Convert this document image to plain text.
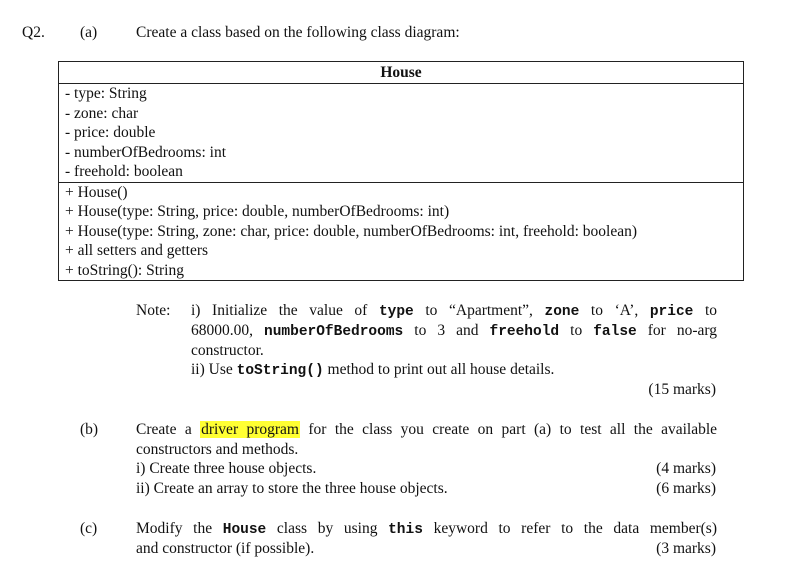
Q2. (a)	Create a class based on the following class diagram:
House
- type: String
- zone: char
- price: double
- numberOfBedrooms: int
- freehold: boolean
+ House()
+ House(type: String, price: double, numberOfBedrooms: int)
+ House(type: String, zone: char, price: double, numberOfBedrooms: int, freehold: boolean)
+ all setters and getters
+ toString(): String
Note: i) Initialize the value of type to “Apartment”, zone to ‘A’, price to
68000.00, numberOfBedrooms to 3 and freehold to false for no-arg
constructor.
ii) Use toString() method to print out all house details.
(15 marks)
(b) Create a driver program for the class you create on part (a) to test all the available
constructors and methods.
i) Create three house objects.	(4 marks)
ii) Create an array to store the three house objects.	(6 marks)
(c)	Modify the House class by using this keyword to refer to the data member(s)
and constructor (if possible).	(3 marks)
